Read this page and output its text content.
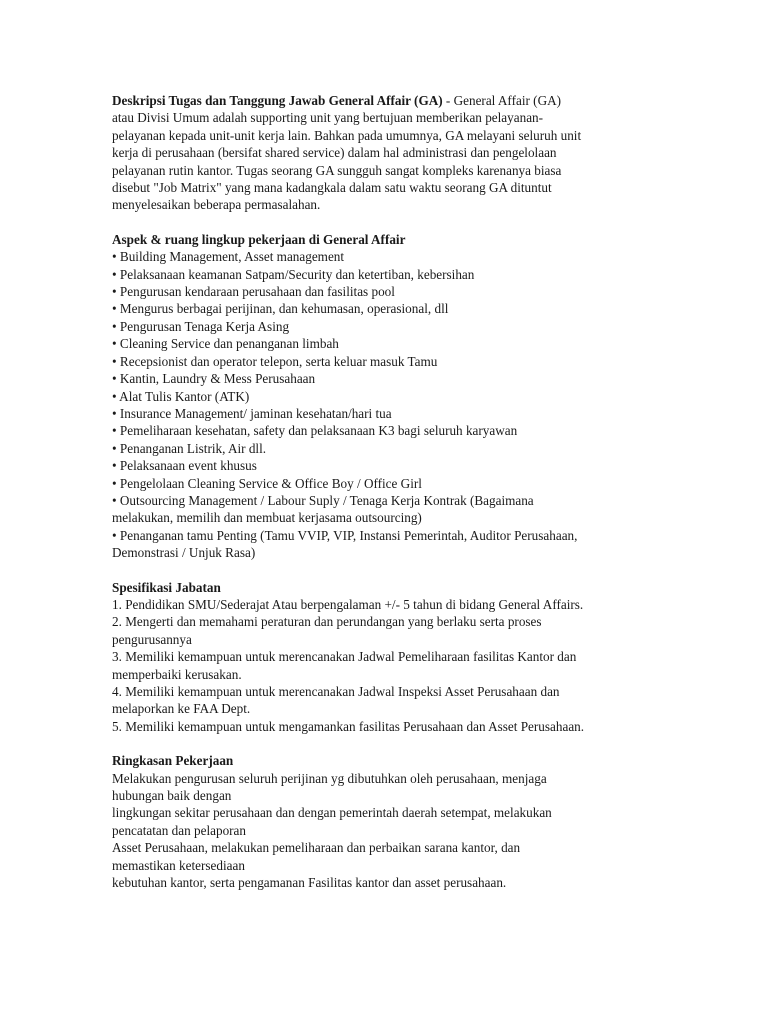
Deskripsi Tugas dan Tanggung Jawab General Affair (GA) - General Affair (GA)
atau Divisi Umum adalah supporting unit yang bertujuan memberikan pelayanan-
pelayanan kepada unit-unit kerja lain. Bahkan pada umumnya, GA melayani seluruh unit
kerja di perusahaan (bersifat shared service) dalam hal administrasi dan pengelolaan
pelayanan rutin kantor. Tugas seorang GA sungguh sangat kompleks karenanya biasa
disebut "Job Matrix" yang mana kadangkala dalam satu waktu seorang GA dituntut
menyelesaikan beberapa permasalahan.
Aspek & ruang lingkup pekerjaan di General Affair
• Building Management, Asset management
• Pelaksanaan keamanan Satpam/Security dan ketertiban, kebersihan
• Pengurusan kendaraan perusahaan dan fasilitas pool
• Mengurus berbagai perijinan, dan kehumasan, operasional, dll
• Pengurusan Tenaga Kerja Asing
• Cleaning Service dan penanganan limbah
• Recepsionist dan operator telepon, serta keluar masuk Tamu
• Kantin, Laundry & Mess Perusahaan
• Alat Tulis Kantor (ATK)
• Insurance Management/ jaminan kesehatan/hari tua
• Pemeliharaan kesehatan, safety dan pelaksanaan K3 bagi seluruh karyawan
• Penanganan Listrik, Air dll.
• Pelaksanaan event khusus
• Pengelolaan Cleaning Service & Office Boy / Office Girl
• Outsourcing Management / Labour Suply / Tenaga Kerja Kontrak (Bagaimana
melakukan, memilih dan membuat kerjasama outsourcing)
• Penanganan tamu Penting (Tamu VVIP, VIP, Instansi Pemerintah, Auditor Perusahaan,
Demonstrasi / Unjuk Rasa)
Spesifikasi Jabatan
1. Pendidikan SMU/Sederajat Atau berpengalaman +/- 5 tahun di bidang General Affairs.
2. Mengerti dan memahami peraturan dan perundangan yang berlaku serta proses
pengurusannya
3. Memiliki kemampuan untuk merencanakan Jadwal Pemeliharaan fasilitas Kantor dan
memperbaiki kerusakan.
4. Memiliki kemampuan untuk merencanakan Jadwal Inspeksi Asset Perusahaan dan
melaporkan ke FAA Dept.
5. Memiliki kemampuan untuk mengamankan fasilitas Perusahaan dan Asset Perusahaan.
Ringkasan Pekerjaan
Melakukan pengurusan seluruh perijinan yg dibutuhkan oleh perusahaan, menjaga
hubungan baik dengan
lingkungan sekitar perusahaan dan dengan pemerintah daerah setempat, melakukan
pencatatan dan pelaporan
Asset Perusahaan, melakukan pemeliharaan dan perbaikan sarana kantor, dan
memastikan ketersediaan
kebutuhan kantor, serta pengamanan Fasilitas kantor dan asset perusahaan.
